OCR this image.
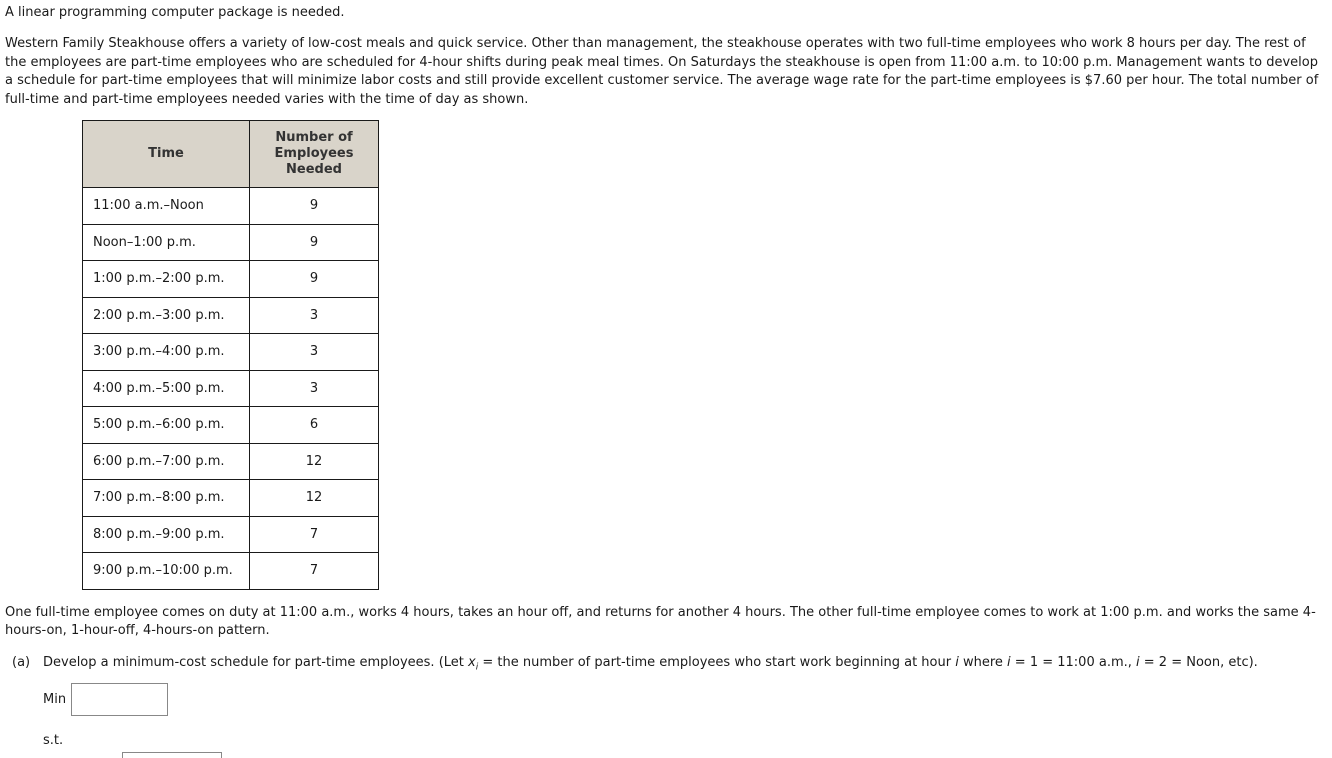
A linear programming computer package is needed.

Western Family Steakhouse offers a variety of low-cost meals and quick service. Other than management, the steakhouse operates with two full-time employees who work 8 hours per day. The rest of the employees are part-time employees who are scheduled for 4-hour shifts during peak meal times. On Saturdays the steakhouse is open from 11:00 a.m. to 10:00 p.m. Management wants to develop a schedule for part-time employees that will minimize labor costs and still provide excellent customer service. The average wage rate for the part-time employees is $7.60 per hour. The total number of full-time and part-time employees needed varies with the time of day as shown.

Time	Number of Employees Needed

11:00 a.m.–Noon	9
Noon–1:00 p.m.	9
1:00 p.m.–2:00 p.m.	9
2:00 p.m.–3:00 p.m.	3
3:00 p.m.–4:00 p.m.	3
4:00 p.m.–5:00 p.m.	3
5:00 p.m.–6:00 p.m.	6
6:00 p.m.–7:00 p.m.	12
7:00 p.m.–8:00 p.m.	12
8:00 p.m.–9:00 p.m.	7
9:00 p.m.–10:00 p.m.	7

One full-time employee comes on duty at 11:00 a.m., works 4 hours, takes an hour off, and returns for another 4 hours. The other full-time employee comes to work at 1:00 p.m. and works the same 4-hours-on, 1-hour-off, 4-hours-on pattern.

(a) Develop a minimum-cost schedule for part-time employees. (Let $x_i$ = the number of part-time employees who start work beginning at hour i where i = 1 = 11:00 a.m., i = 2 = Noon, etc).

Min
s.t.
